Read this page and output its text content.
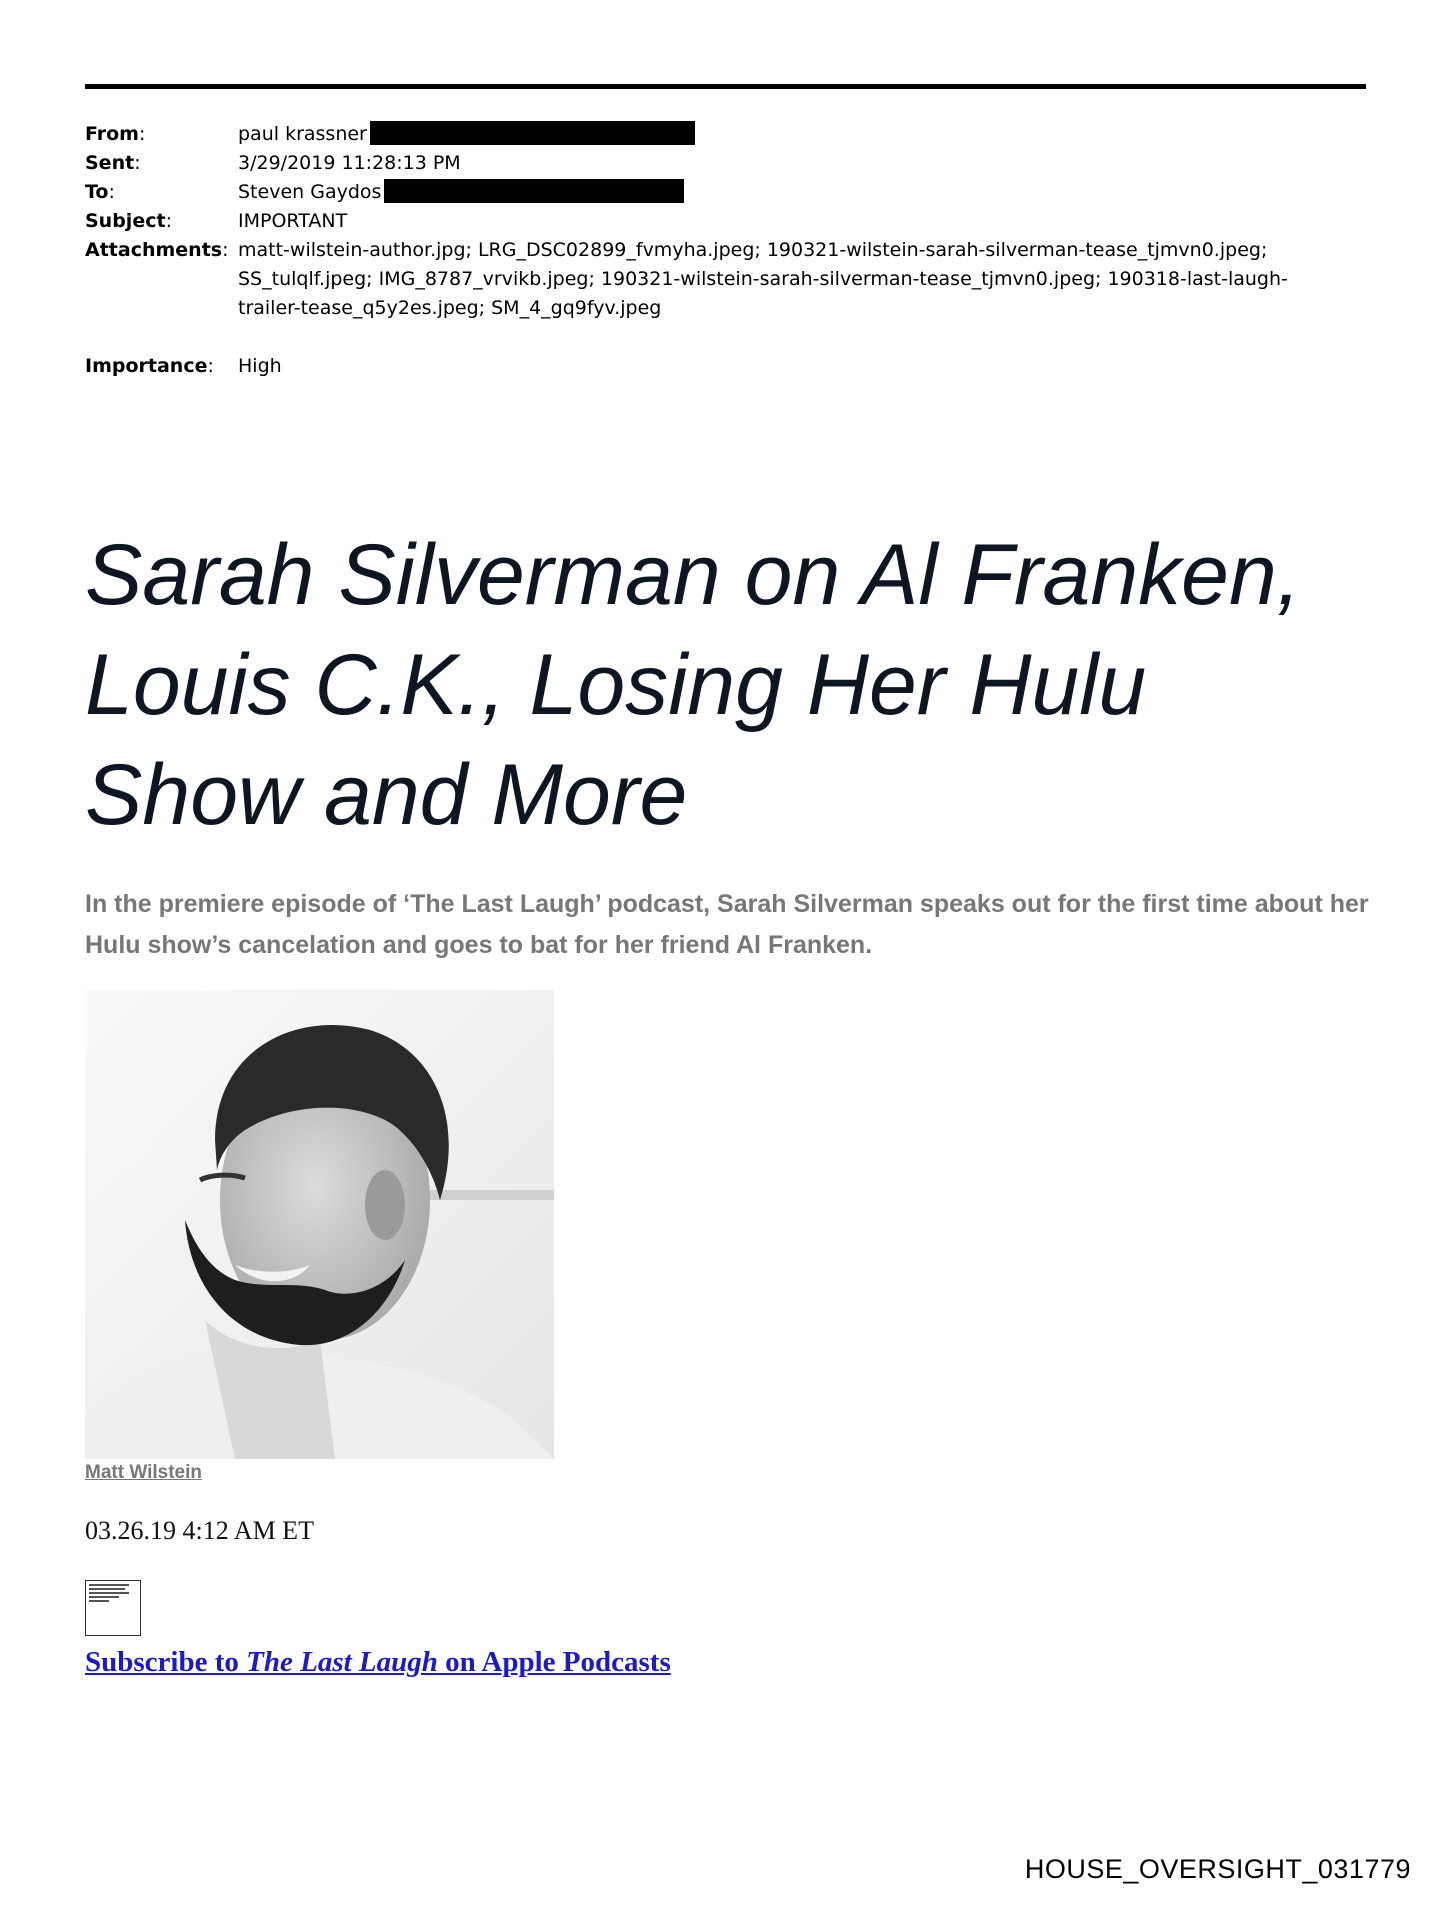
From:	paul krassner
Sent:	3/29/2019 11:28:13 PM
To:	Steven Gaydos
Subject:	IMPORTANT
Attachments: matt-wilstein-author.jpg; LRG_DSC02899_fvmyha.jpeg; 190321-wilstein-sarah-silverman-tease_tjmvn0.jpeg; SS_tulqlf.jpeg; IMG_8787_vrvikb.jpeg; 190321-wilstein-sarah-silverman-tease_tjmvn0.jpeg; 190318-last-laugh-trailer-tease_q5y2es.jpeg; SM_4_gq9fyv.jpeg
Importance:	High
Sarah Silverman on Al Franken, Louis C.K., Losing Her Hulu Show and More

In the premiere episode of ‘The Last Laugh’ podcast, Sarah Silverman speaks out for the first time about her Hulu show’s cancelation and goes to bat for her friend Al Franken.

Matt Wilstein
03.26.19 4:12 AM ET
Subscribe to The Last Laugh on Apple Podcasts
HOUSE_OVERSIGHT_031779
